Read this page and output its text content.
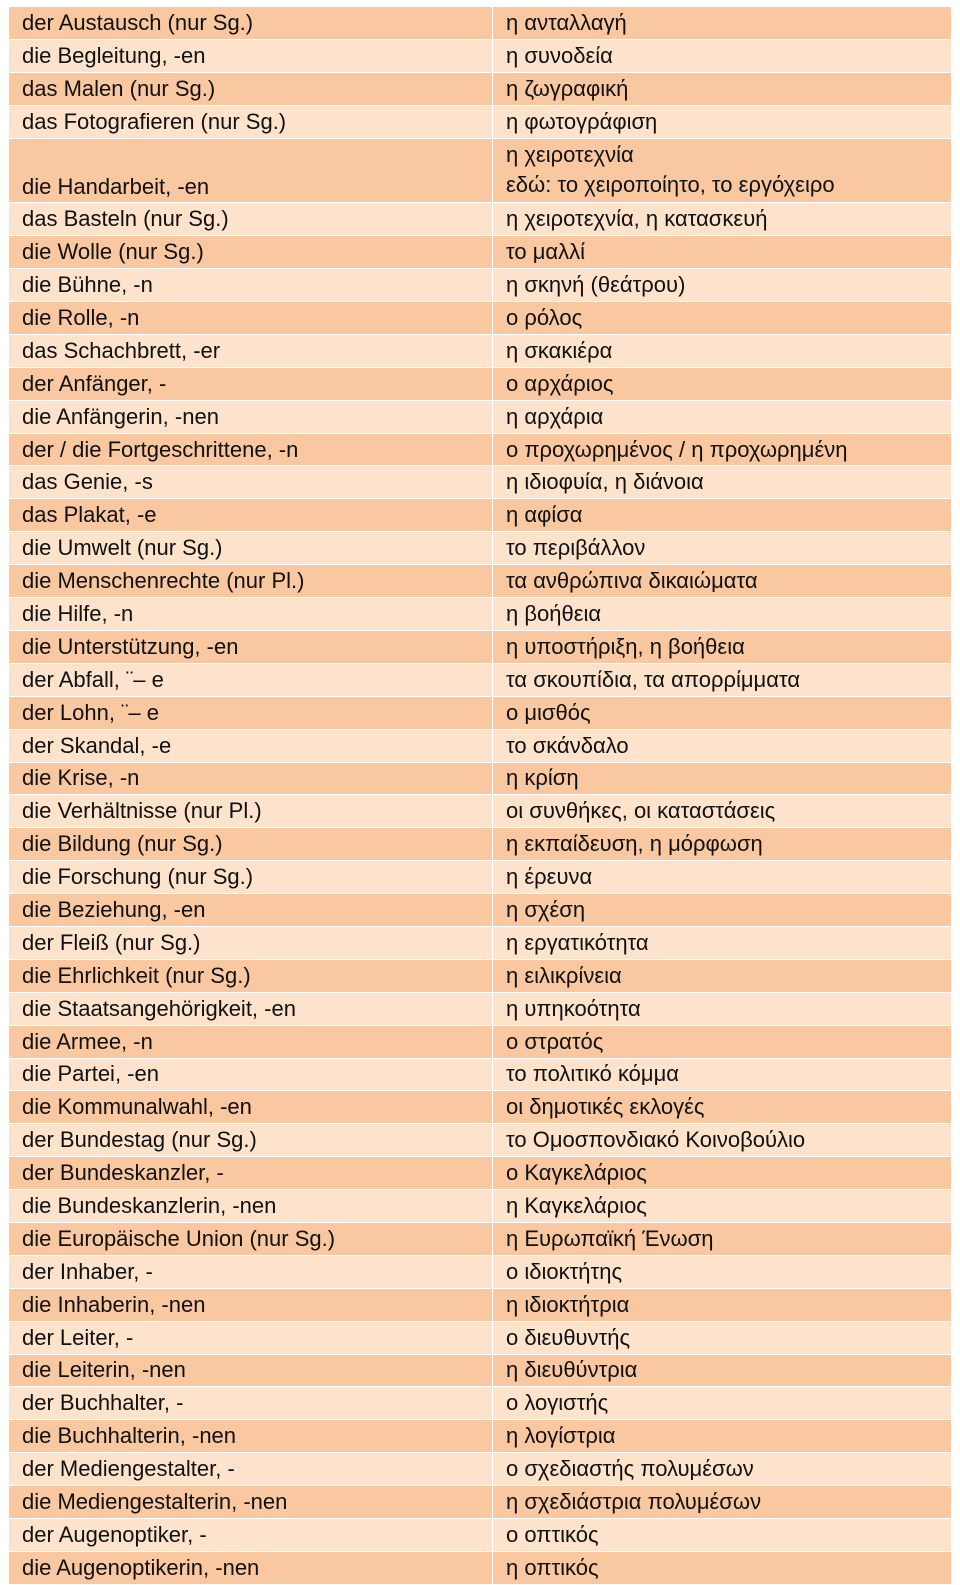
der Austausch (nur Sg.)	η ανταλλαγή
die Begleitung, -en	η συνοδεία
das Malen (nur Sg.)	η ζωγραφική
das Fotografieren (nur Sg.)	η φωτογράφιση
die Handarbeit, -en	η χειροτεχνία
εδώ: το χειροποίητο, το εργόχειρο

das Basteln (nur Sg.)	η χειροτεχνία, η κατασκευή
die Wolle (nur Sg.)	το μαλλί
die Bühne, -n	η σκηνή (θεάτρου)
die Rolle, -n	ο ρόλος
das Schachbrett, -er	η σκακιέρα
der Anfänger, -	ο αρχάριος
die Anfängerin, -nen	η αρχάρια
der / die Fortgeschrittene, -n	ο προχωρημένος / η προχωρημένη
das Genie, -s	η ιδιοφυία, η διάνοια
das Plakat, -e	η αφίσα
die Umwelt (nur Sg.)	το περιβάλλον
die Menschenrechte (nur Pl.)	τα ανθρώπινα δικαιώματα
die Hilfe, -n	η βοήθεια
die Unterstützung, -en	η υποστήριξη, η βοήθεια
der Abfall, ¨– e	τα σκουπίδια, τα απορρίμματα
der Lohn, ¨– e	ο μισθός
der Skandal, -e	το σκάνδαλο
die Krise, -n	η κρίση
die Verhältnisse (nur Pl.)	οι συνθήκες, οι καταστάσεις
die Bildung (nur Sg.)	η εκπαίδευση, η μόρφωση
die Forschung (nur Sg.)	η έρευνα
die Beziehung, -en	η σχέση
der Fleiß (nur Sg.)	η εργατικότητα
die Ehrlichkeit (nur Sg.)	η ειλικρίνεια
die Staatsangehörigkeit, -en	η υπηκοότητα
die Armee, -n	ο στρατός
die Partei, -en	το πολιτικό κόμμα
die Kommunalwahl, -en	οι δημοτικές εκλογές
der Bundestag (nur Sg.)	το Ομοσπονδιακό Κοινοβούλιο
der Bundeskanzler, -	ο Καγκελάριος
die Bundeskanzlerin, -nen	η Καγκελάριος
die Europäische Union (nur Sg.)	η Ευρωπαϊκή Ένωση
der Inhaber, -	ο ιδιοκτήτης
die Inhaberin, -nen	η ιδιοκτήτρια
der Leiter, -	ο διευθυντής
die Leiterin, -nen	η διευθύντρια
der Buchhalter, -	ο λογιστής
die Buchhalterin, -nen	η λογίστρια
der Mediengestalter, -	ο σχεδιαστής πολυμέσων
die Mediengestalterin, -nen	η σχεδιάστρια πολυμέσων
der Augenoptiker, -	ο οπτικός
die Augenoptikerin, -nen	η οπτικός
